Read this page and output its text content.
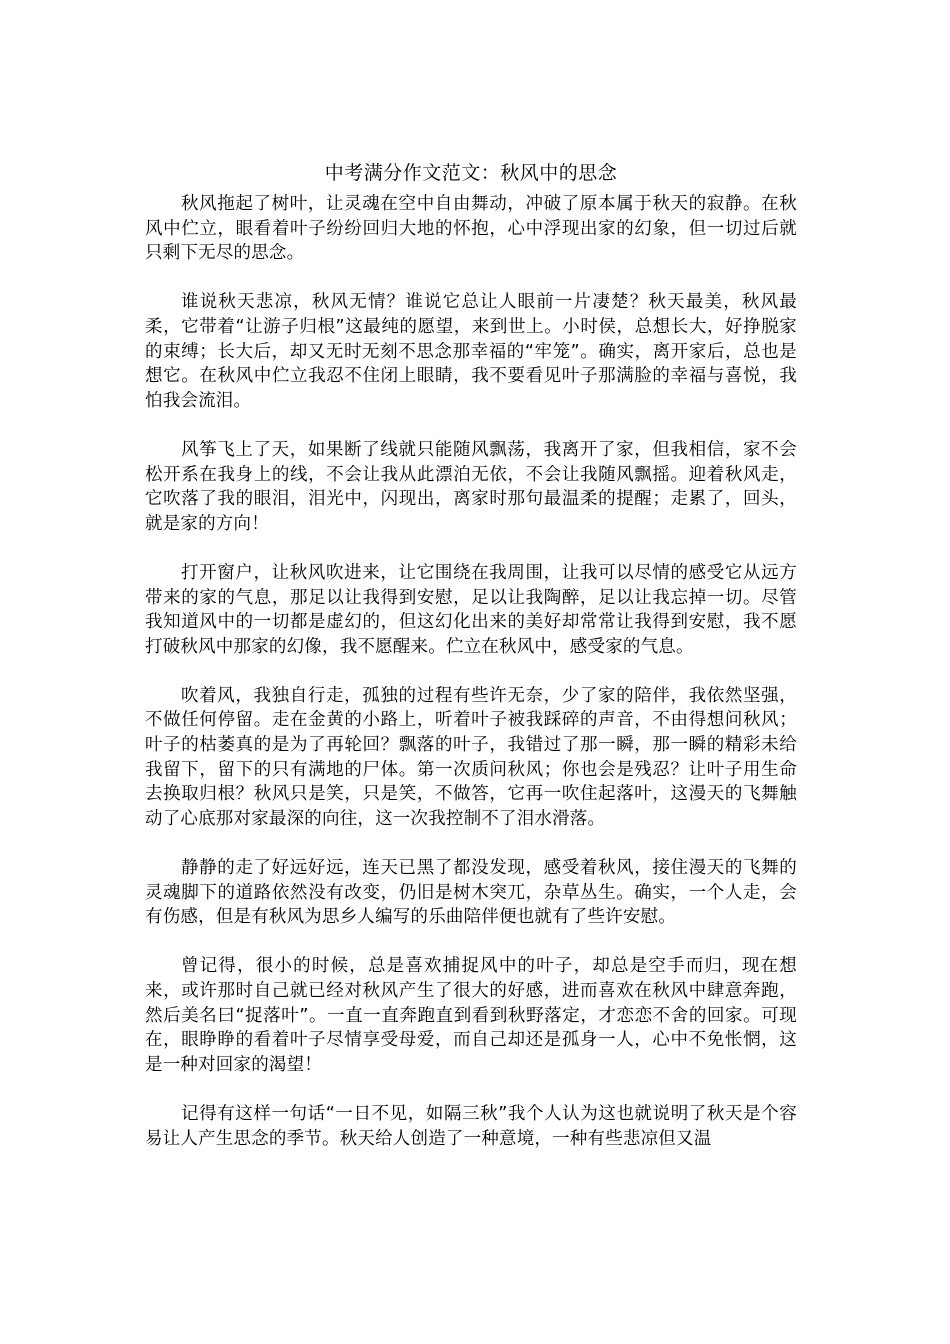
中考满分作文范文：秋风中的思念

秋风拖起了树叶，让灵魂在空中自由舞动，冲破了原本属于秋天的寂静。在秋风中伫立，眼看着叶子纷纷回归大地的怀抱，心中浮现出家的幻象，但一切过后就只剩下无尽的思念。

谁说秋天悲凉，秋风无情？谁说它总让人眼前一片凄楚？秋天最美，秋风最柔，它带着“让游子归根”这最纯的愿望，来到世上。小时侯，总想长大，好挣脱家的束缚；长大后，却又无时无刻不思念那幸福的“牢笼”。确实，离开家后，总也是想它。在秋风中伫立我忍不住闭上眼睛，我不要看见叶子那满脸的幸福与喜悦，我怕我会流泪。

风筝飞上了天，如果断了线就只能随风飘荡，我离开了家，但我相信，家不会松开系在我身上的线，不会让我从此漂泊无依，不会让我随风飘摇。迎着秋风走，它吹落了我的眼泪，泪光中，闪现出，离家时那句最温柔的提醒；走累了，回头，就是家的方向！

打开窗户，让秋风吹进来，让它围绕在我周围，让我可以尽情的感受它从远方带来的家的气息，那足以让我得到安慰，足以让我陶醉，足以让我忘掉一切。尽管我知道风中的一切都是虚幻的，但这幻化出来的美好却常常让我得到安慰，我不愿打破秋风中那家的幻像，我不愿醒来。伫立在秋风中，感受家的气息。

吹着风，我独自行走，孤独的过程有些许无奈，少了家的陪伴，我依然坚强，不做任何停留。走在金黄的小路上，听着叶子被我踩碎的声音，不由得想问秋风；叶子的枯萎真的是为了再轮回？飘落的叶子，我错过了那一瞬，那一瞬的精彩未给我留下，留下的只有满地的尸体。第一次质问秋风；你也会是残忍？让叶子用生命去换取归根？秋风只是笑，只是笑，不做答，它再一吹住起落叶，这漫天的飞舞触动了心底那对家最深的向往，这一次我控制不了泪水滑落。

静静的走了好远好远，连天已黑了都没发现，感受着秋风，接住漫天的飞舞的灵魂脚下的道路依然没有改变，仍旧是树木突兀，杂草丛生。确实，一个人走，会有伤感，但是有秋风为思乡人编写的乐曲陪伴便也就有了些许安慰。

曾记得，很小的时候，总是喜欢捕捉风中的叶子，却总是空手而归，现在想来，或许那时自己就已经对秋风产生了很大的好感，进而喜欢在秋风中肆意奔跑，然后美名曰“捉落叶”。一直一直奔跑直到看到秋野落定，才恋恋不舍的回家。可现在，眼睁睁的看着叶子尽情享受母爱，而自己却还是孤身一人，心中不免怅惘，这是一种对回家的渴望！

记得有这样一句话“一日不见，如隔三秋”我个人认为这也就说明了秋天是个容易让人产生思念的季节。秋天给人创造了一种意境，一种有些悲凉但又温
